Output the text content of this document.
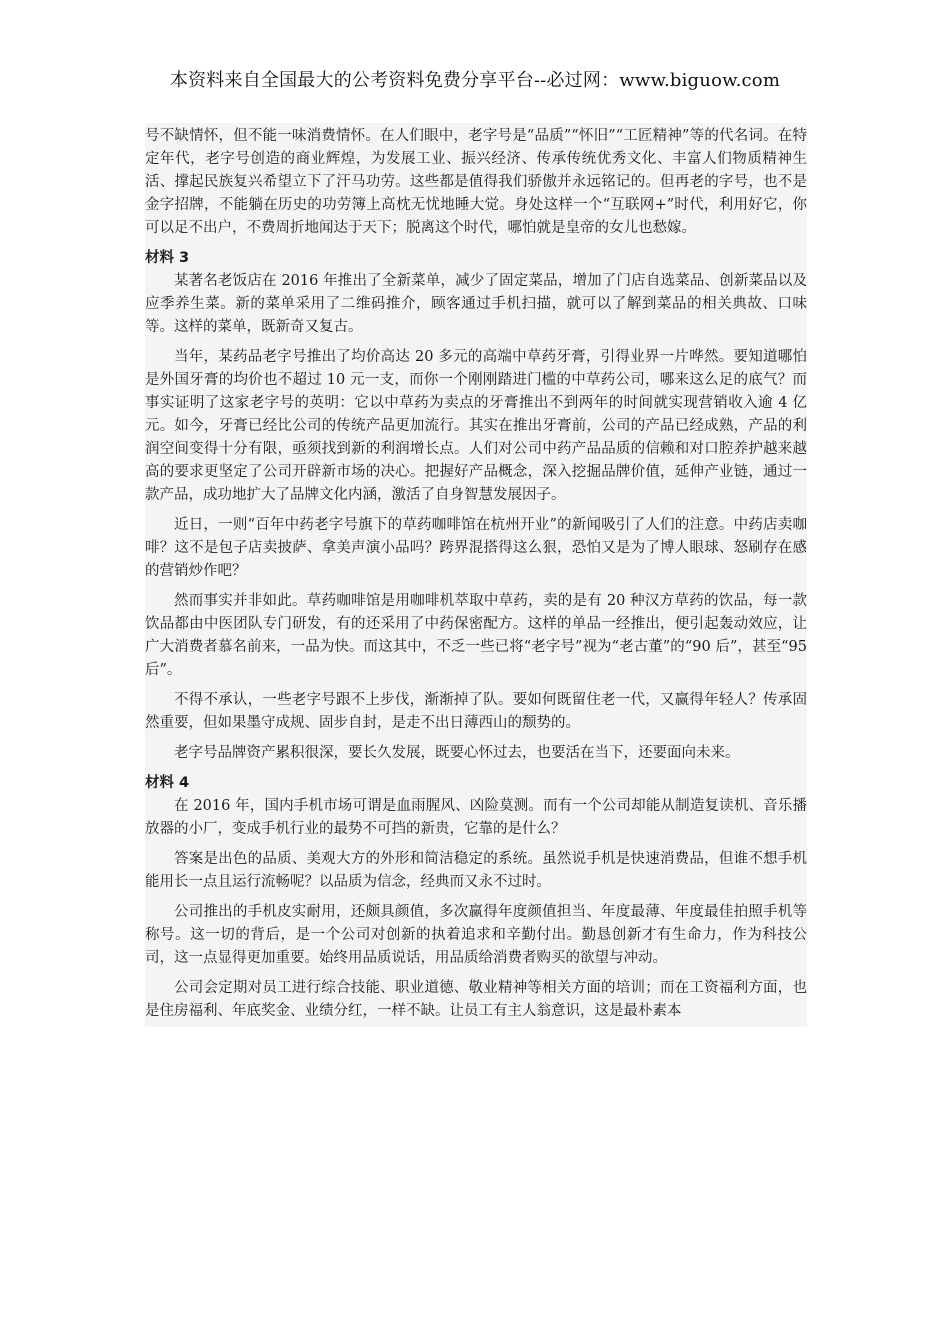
本资料来自全国最大的公考资料免费分享平台--必过网：www.biguow.com

号不缺情怀，但不能一味消费情怀。在人们眼中，老字号是“品质”“怀旧”“工匠精神”等的代名词。在特定年代，老字号创造的商业辉煌，为发展工业、振兴经济、传承传统优秀文化、丰富人们物质精神生活、撑起民族复兴希望立下了汗马功劳。这些都是值得我们骄傲并永远铭记的。但再老的字号，也不是金字招牌，不能躺在历史的功劳簿上高枕无忧地睡大觉。身处这样一个“互联网+”时代，利用好它，你可以足不出户，不费周折地闻达于天下；脱离这个时代，哪怕就是皇帝的女儿也愁嫁。

材料 3

某著名老饭店在 2016 年推出了全新菜单，减少了固定菜品，增加了门店自选菜品、创新菜品以及应季养生菜。新的菜单采用了二维码推介，顾客通过手机扫描，就可以了解到菜品的相关典故、口味等。这样的菜单，既新奇又复古。

当年，某药品老字号推出了均价高达 20 多元的高端中草药牙膏，引得业界一片哗然。要知道哪怕是外国牙膏的均价也不超过 10 元一支，而你一个刚刚踏进门槛的中草药公司，哪来这么足的底气？而事实证明了这家老字号的英明：它以中草药为卖点的牙膏推出不到两年的时间就实现营销收入逾 4 亿元。如今，牙膏已经比公司的传统产品更加流行。其实在推出牙膏前，公司的产品已经成熟，产品的利润空间变得十分有限，亟须找到新的利润增长点。人们对公司中药产品品质的信赖和对口腔养护越来越高的要求更坚定了公司开辟新市场的决心。把握好产品概念，深入挖掘品牌价值，延伸产业链，通过一款产品，成功地扩大了品牌文化内涵，激活了自身智慧发展因子。

近日，一则“百年中药老字号旗下的草药咖啡馆在杭州开业”的新闻吸引了人们的注意。中药店卖咖啡？这不是包子店卖披萨、拿美声演小品吗？跨界混搭得这么狠，恐怕又是为了博人眼球、怒刷存在感的营销炒作吧？

然而事实并非如此。草药咖啡馆是用咖啡机萃取中草药，卖的是有 20 种汉方草药的饮品，每一款饮品都由中医团队专门研发，有的还采用了中药保密配方。这样的单品一经推出，便引起轰动效应，让广大消费者慕名前来，一品为快。而这其中，不乏一些已将“老字号”视为“老古董”的“90 后”，甚至“95 后”。

不得不承认，一些老字号跟不上步伐，渐渐掉了队。要如何既留住老一代，又赢得年轻人？传承固然重要，但如果墨守成规、固步自封，是走不出日薄西山的颓势的。

老字号品牌资产累积很深，要长久发展，既要心怀过去，也要活在当下，还要面向未来。

材料 4

在 2016 年，国内手机市场可谓是血雨腥风、凶险莫测。而有一个公司却能从制造复读机、音乐播放器的小厂，变成手机行业的最势不可挡的新贵，它靠的是什么？

答案是出色的品质、美观大方的外形和简洁稳定的系统。虽然说手机是快速消费品，但谁不想手机能用长一点且运行流畅呢？以品质为信念，经典而又永不过时。

公司推出的手机皮实耐用，还颇具颜值，多次赢得年度颜值担当、年度最薄、年度最佳拍照手机等称号。这一切的背后，是一个公司对创新的执着追求和辛勤付出。勤恳创新才有生命力，作为科技公司，这一点显得更加重要。始终用品质说话，用品质给消费者购买的欲望与冲动。

公司会定期对员工进行综合技能、职业道德、敬业精神等相关方面的培训；而在工资福利方面，也是住房福利、年底奖金、业绩分红，一样不缺。让员工有主人翁意识，这是最朴素本
